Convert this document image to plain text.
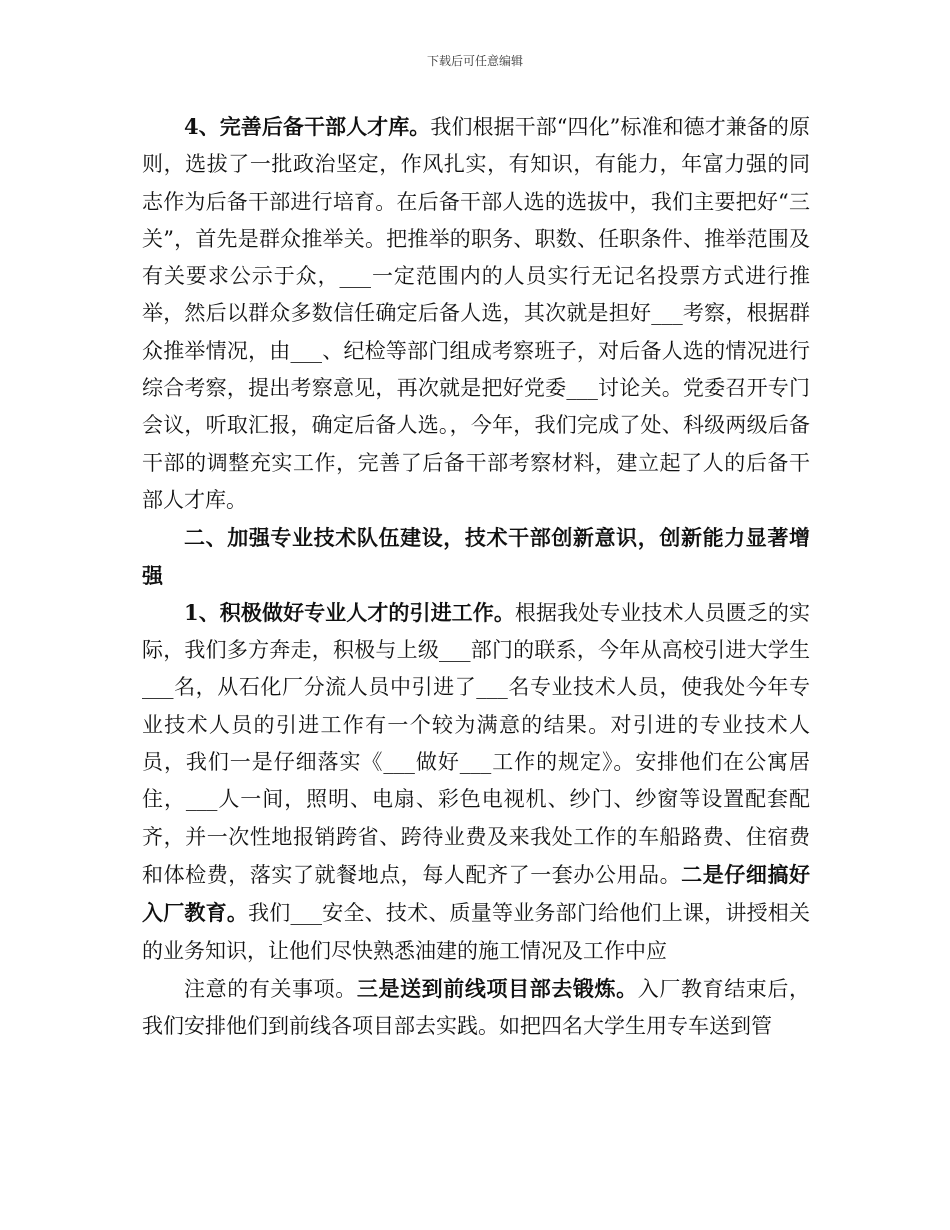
下载后可任意编辑

4、完善后备干部人才库。我们根据干部“四化”标准和德才兼备的原则，选拔了一批政治坚定，作风扎实，有知识，有能力，年富力强的同志作为后备干部进行培育。在后备干部人选的选拔中，我们主要把好“三关”，首先是群众推举关。把推举的职务、职数、任职条件、推举范围及有关要求公示于众，___一定范围内的人员实行无记名投票方式进行推举，然后以群众多数信任确定后备人选，其次就是担好___考察，根据群众推举情况，由___、纪检等部门组成考察班子，对后备人选的情况进行综合考察，提出考察意见，再次就是把好党委___讨论关。党委召开专门会议，听取汇报，确定后备人选。，今年，我们完成了处、科级两级后备干部的调整充实工作，完善了后备干部考察材料，建立起了人的后备干部人才库。

二、加强专业技术队伍建设，技术干部创新意识，创新能力显著增强

1、积极做好专业人才的引进工作。根据我处专业技术人员匮乏的实际，我们多方奔走，积极与上级___部门的联系，今年从高校引进大学生___名，从石化厂分流人员中引进了___名专业技术人员，使我处今年专业技术人员的引进工作有一个较为满意的结果。对引进的专业技术人员，我们一是仔细落实《___做好___工作的规定》。安排他们在公寓居住，___人一间，照明、电扇、彩色电视机、纱门、纱窗等设置配套配齐，并一次性地报销跨省、跨待业费及来我处工作的车船路费、住宿费和体检费，落实了就餐地点，每人配齐了一套办公用品。二是仔细搞好入厂教育。我们___安全、技术、质量等业务部门给他们上课，讲授相关的业务知识，让他们尽快熟悉油建的施工情况及工作中应

注意的有关事项。三是送到前线项目部去锻炼。入厂教育结束后，我们安排他们到前线各项目部去实践。如把四名大学生用专车送到管
